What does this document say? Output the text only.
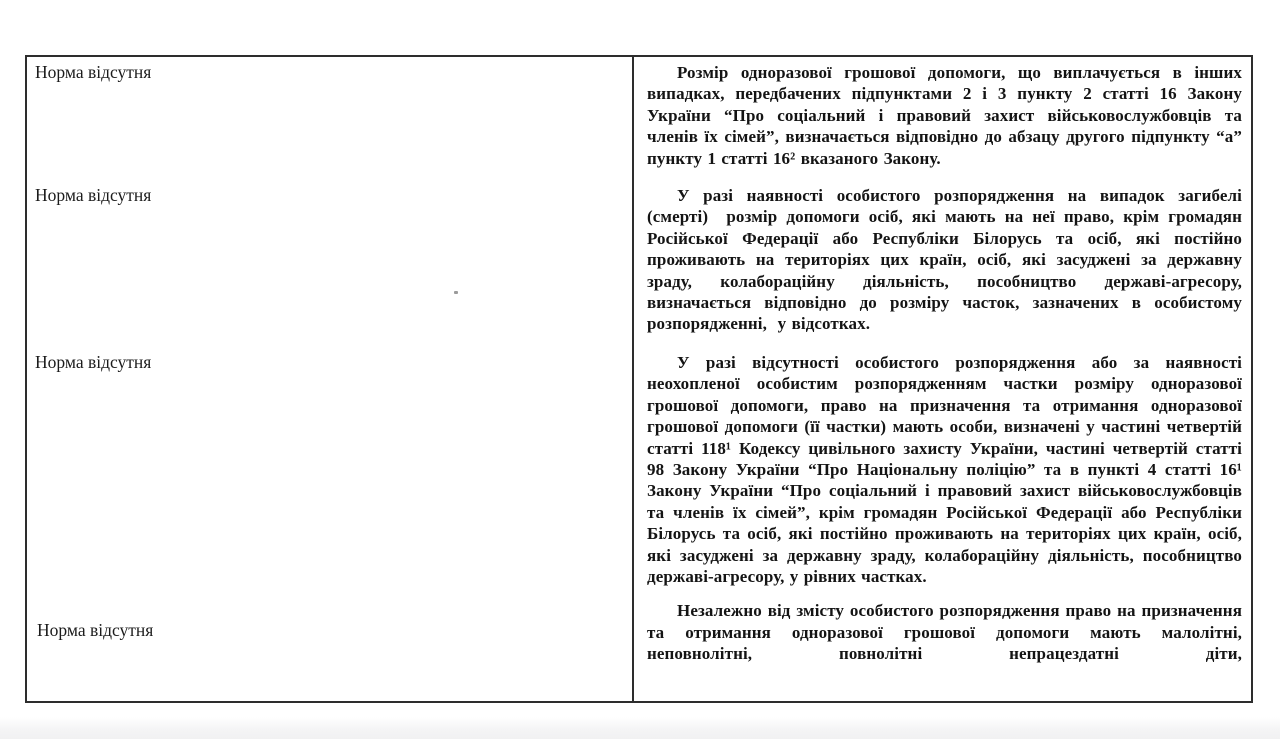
Норма відсутня

Норма відсутня

Норма відсутня

Норма відсутня

Розмір одноразової грошової допомоги, що виплачується в інших випадках, передбачених підпунктами 2 і 3 пункту 2 статті 16 Закону України “Про соціальний і правовий захист військовослужбовців та членів їх сімей”, визначається відповідно до абзацу другого підпункту “а” пункту 1 статті 16² вказаного Закону.

У разі наявності особистого розпорядження на випадок загибелі (смерті)  розмір допомоги осіб, які мають на неї право, крім громадян Російської Федерації або Республіки Білорусь та осіб, які постійно проживають на територіях цих країн, осіб, які засуджені за державну зраду, колабораційну діяльність, пособництво державі-агресору, визначається відповідно до розміру часток, зазначених в особистому розпорядженні,  у відсотках.

У разі відсутності особистого розпорядження або за наявності неохопленої особистим розпорядженням частки розміру одноразової грошової допомоги, право на призначення та отримання одноразової грошової допомоги (її частки) мають особи, визначені у частині четвертій статті 118¹ Кодексу цивільного захисту України, частині четвертій статті 98 Закону України “Про Національну поліцію” та в пункті 4 статті 16¹ Закону України “Про соціальний і правовий захист військовослужбовців та членів їх сімей”, крім громадян Російської Федерації або Республіки Білорусь та осіб, які постійно проживають на територіях цих країн, осіб, які засуджені за державну зраду, колабораційну діяльність, пособництво державі-агресору, у рівних частках.

Незалежно від змісту особистого розпорядження право на призначення та отримання одноразової грошової допомоги мають малолітні, неповнолітні, повнолітні непрацездатні діти,
